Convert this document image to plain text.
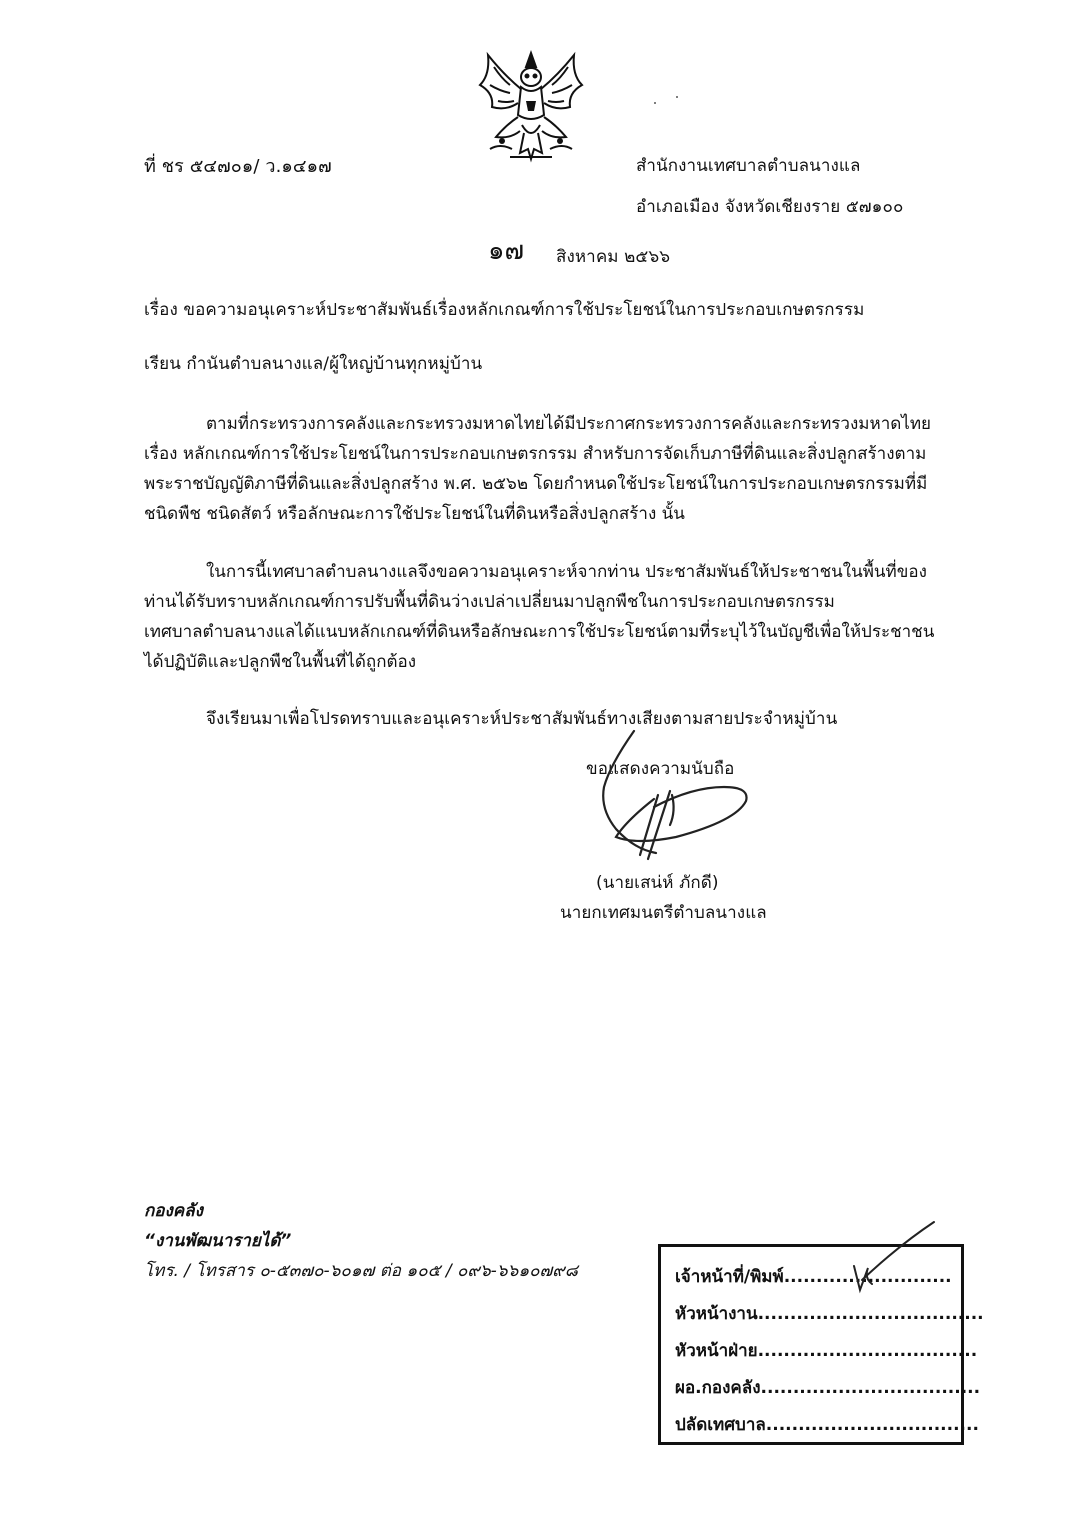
ที่ ชร ๕๔๗๐๑/ ว.๑๔๑๗	สำนักงานเทศบาลตำบลนางแล
อำเภอเมือง จังหวัดเชียงราย ๕๗๑๐๐
๑๗ สิงหาคม ๒๕๖๖
เรื่อง ขอความอนุเคราะห์ประชาสัมพันธ์เรื่องหลักเกณฑ์การใช้ประโยชน์ในการประกอบเกษตรกรรม
เรียน กำนันตำบลนางแล/ผู้ใหญ่บ้านทุกหมู่บ้าน
ตามที่กระทรวงการคลังและกระทรวงมหาดไทยได้มีประกาศกระทรวงการคลังและกระทรวงมหาดไทย
เรื่อง หลักเกณฑ์การใช้ประโยชน์ในการประกอบเกษตรกรรม สำหรับการจัดเก็บภาษีที่ดินและสิ่งปลูกสร้างตาม
พระราชบัญญัติภาษีที่ดินและสิ่งปลูกสร้าง พ.ศ. ๒๕๖๒ โดยกำหนดใช้ประโยชน์ในการประกอบเกษตรกรรมที่มี
ชนิดพืช ชนิดสัตว์ หรือลักษณะการใช้ประโยชน์ในที่ดินหรือสิ่งปลูกสร้าง นั้น
ในการนี้เทศบาลตำบลนางแลจึงขอความอนุเคราะห์จากท่าน ประชาสัมพันธ์ให้ประชาชนในพื้นที่ของ
ท่านได้รับทราบหลักเกณฑ์การปรับพื้นที่ดินว่างเปล่าเปลี่ยนมาปลูกพืชในการประกอบเกษตรกรรม
เทศบาลตำบลนางแลได้แนบหลักเกณฑ์ที่ดินหรือลักษณะการใช้ประโยชน์ตามที่ระบุไว้ในบัญชีเพื่อให้ประชาชน
ได้ปฏิบัติและปลูกพืชในพื้นที่ได้ถูกต้อง
จึงเรียนมาเพื่อโปรดทราบและอนุเคราะห์ประชาสัมพันธ์ทางเสียงตามสายประจำหมู่บ้าน
ขอแสดงความนับถือ
(นายเสน่ห์ ภักดี)
นายกเทศมนตรีตำบลนางแล
กองคลัง
“งานพัฒนารายได้”
โทร. / โทรสาร ๐-๕๓๗๐-๖๐๑๗ ต่อ ๑๐๕ / ๐๙๖-๖๖๑๐๗๙๘	เจ้าหน้าที่/พิมพ์..........................
หัวหน้างาน...................................
หัวหน้าฝ่าย..................................
ผอ.กองคลัง..................................
ปลัดเทศบาล.................................
